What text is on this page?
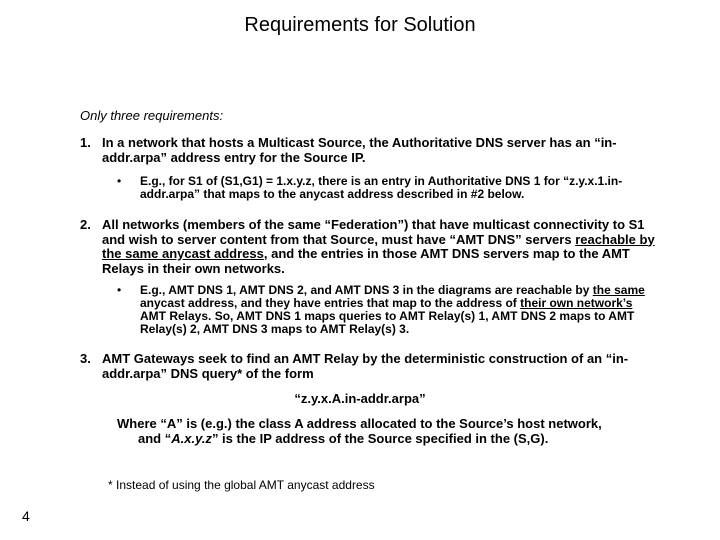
Requirements for Solution
Only three requirements:
1. In a network that hosts a Multicast Source, the Authoritative DNS server has an “in-addr.arpa” address entry for the Source IP.
• E.g., for S1 of (S1,G1) = 1.x.y.z, there is an entry in Authoritative DNS 1 for “z.y.x.1.in-addr.arpa” that maps to the anycast address described in #2 below.
2. All networks (members of the same “Federation”) that have multicast connectivity to S1 and wish to server content from that Source, must have “AMT DNS” servers reachable by the same anycast address, and the entries in those AMT DNS servers map to the AMT Relays in their own networks.
• E.g., AMT DNS 1, AMT DNS 2, and AMT DNS 3 in the diagrams are reachable by the same anycast address, and they have entries that map to the address of their own network’s AMT Relays. So, AMT DNS 1 maps queries to AMT Relay(s) 1, AMT DNS 2 maps to AMT Relay(s) 2, AMT DNS 3 maps to AMT Relay(s) 3.
3. AMT Gateways seek to find an AMT Relay by the deterministic construction of an “in-addr.arpa” DNS query* of the form
“z.y.x.A.in-addr.arpa”
Where “A” is (e.g.) the class A address allocated to the Source’s host network,
and “A.x.y.z” is the IP address of the Source specified in the (S,G).
* Instead of using the global AMT anycast address
4
